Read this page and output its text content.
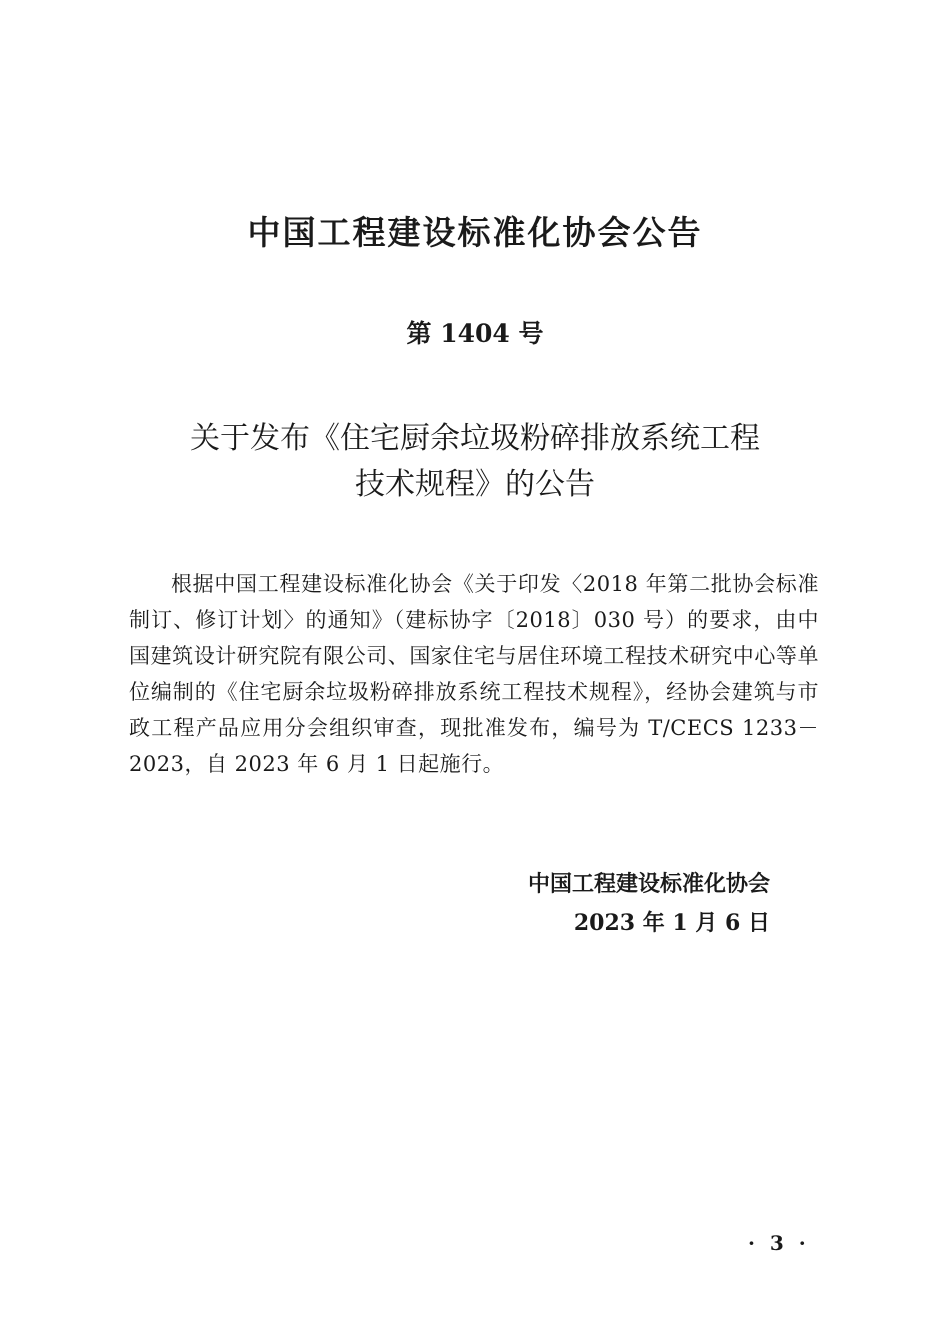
中国工程建设标准化协会公告
第 1404 号
关于发布《住宅厨余垃圾粉碎排放系统工程
技术规程》的公告
根据中国工程建设标准化协会《关于印发〈2018 年第二批协会标准制订、修订计划〉的通知》（建标协字〔2018〕030 号）的要求，由中国建筑设计研究院有限公司、国家住宅与居住环境工程技术研究中心等单位编制的《住宅厨余垃圾粉碎排放系统工程技术规程》，经协会建筑与市政工程产品应用分会组织审查，现批准发布，编号为 T/CECS 1233－2023，自 2023 年 6 月 1 日起施行。
中国工程建设标准化协会
2023 年 1 月 6 日
· 3 ·
